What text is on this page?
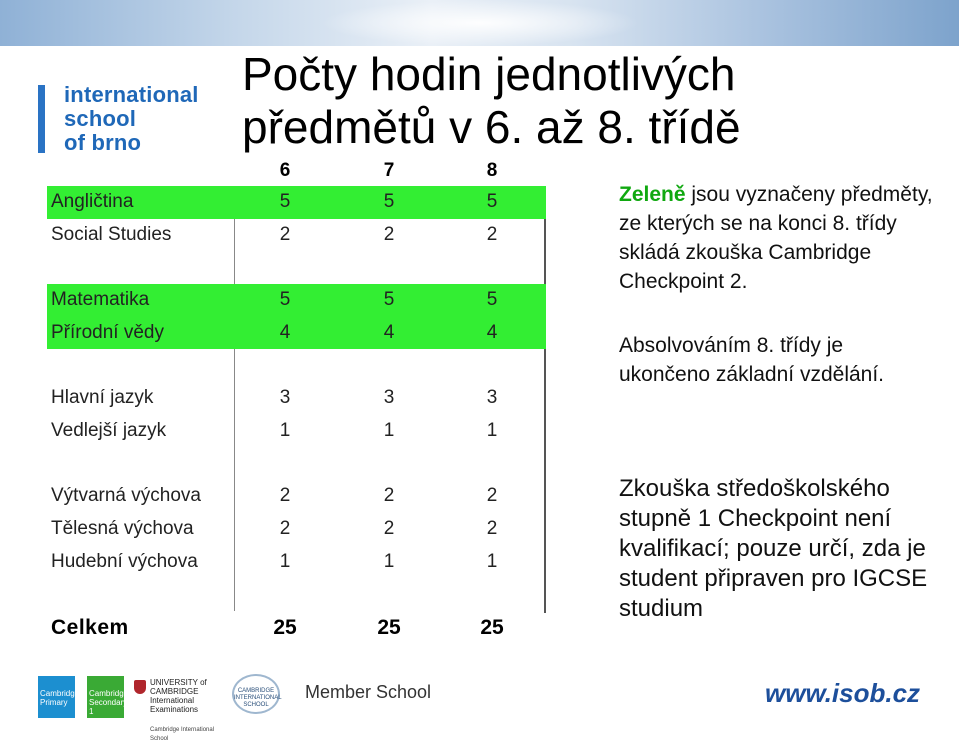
international
school
of brno
Počty hodin jednotlivých
předmětů v 6. až 8. třídě
6	7	8
Angličtina	5	5	5
Social Studies	2	2	2
Matematika	5	5	5
Přírodní vědy	4	4	4
Hlavní jazyk	3	3	3
Vedlejší jazyk	1	1	1
Výtvarná výchova	2	2	2
Tělesná výchova	2	2	2
Hudební výchova	1	1	1
Celkem	25	25	25
Zeleně jsou vyznačeny předměty, ze kterých se na konci 8. třídy skládá zkouška Cambridge Checkpoint 2.
Absolvováním 8. třídy je ukončeno základní vzdělání.
Zkouška středoškolského stupně 1 Checkpoint není kvalifikací; pouze určí, zda je student připraven pro IGCSE studium
Cambridge Primary
Cambridge Secondary 1
UNIVERSITY of CAMBRIDGE International Examinations
Cambridge International School
CAMBRIDGE INTERNATIONAL SCHOOL
Member School	www.isob.cz
